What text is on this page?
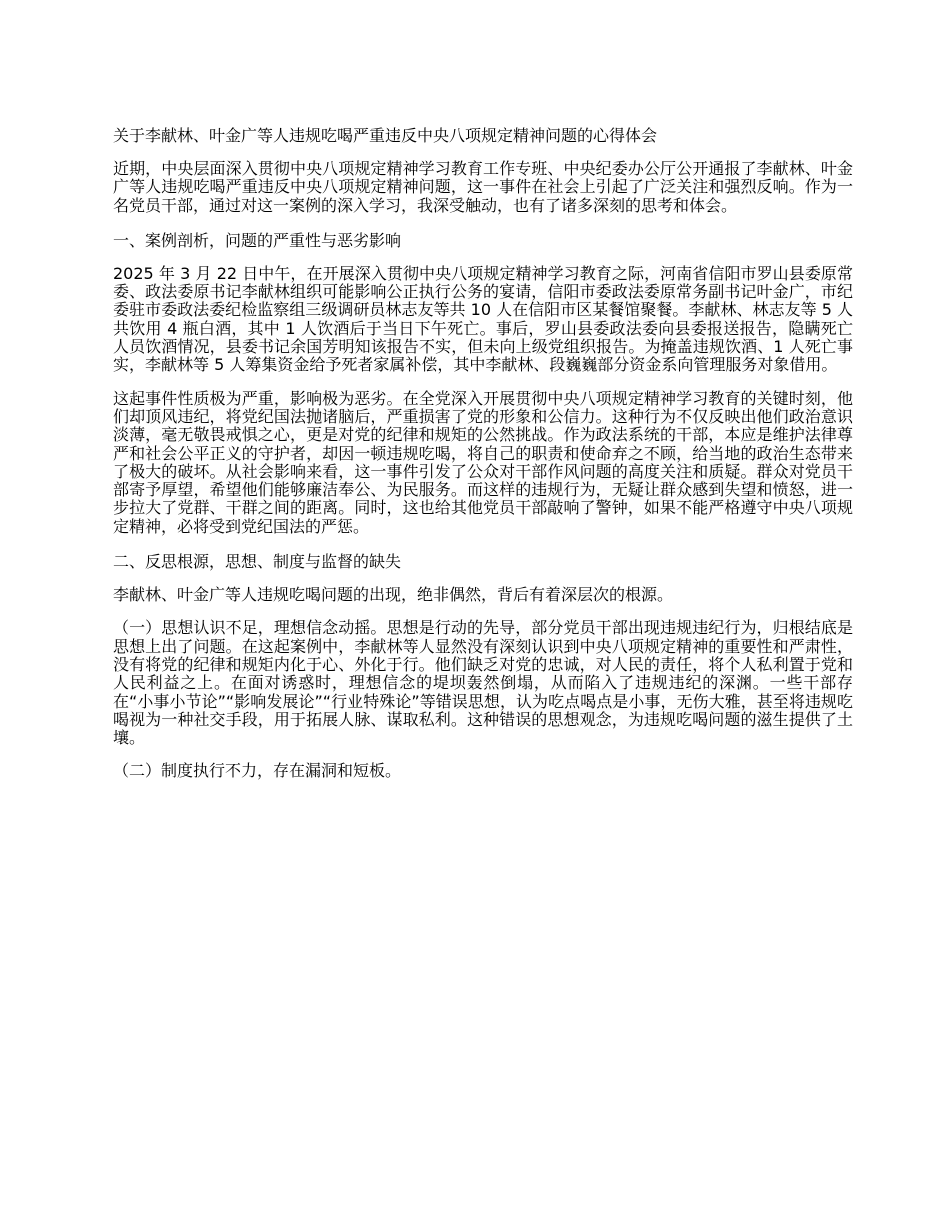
关于李献林、叶金广等人违规吃喝严重违反中央八项规定精神问题的心得体会

近期，中央层面深入贯彻中央八项规定精神学习教育工作专班、中央纪委办公厅公开通报了李献林、叶金广等人违规吃喝严重违反中央八项规定精神问题，这一事件在社会上引起了广泛关注和强烈反响。作为一名党员干部，通过对这一案例的深入学习，我深受触动，也有了诸多深刻的思考和体会。

一、案例剖析，问题的严重性与恶劣影响

2025 年 3 月 22 日中午，在开展深入贯彻中央八项规定精神学习教育之际，河南省信阳市罗山县委原常委、政法委原书记李献林组织可能影响公正执行公务的宴请，信阳市委政法委原常务副书记叶金广，市纪委驻市委政法委纪检监察组三级调研员林志友等共 10 人在信阳市区某餐馆聚餐。李献林、林志友等 5 人共饮用 4 瓶白酒，其中 1 人饮酒后于当日下午死亡。事后，罗山县委政法委向县委报送报告，隐瞒死亡人员饮酒情况，县委书记余国芳明知该报告不实，但未向上级党组织报告。为掩盖违规饮酒、1 人死亡事实，李献林等 5 人筹集资金给予死者家属补偿，其中李献林、段巍巍部分资金系向管理服务对象借用。

这起事件性质极为严重，影响极为恶劣。在全党深入开展贯彻中央八项规定精神学习教育的关键时刻，他们却顶风违纪，将党纪国法抛诸脑后，严重损害了党的形象和公信力。这种行为不仅反映出他们政治意识淡薄，毫无敬畏戒惧之心，更是对党的纪律和规矩的公然挑战。作为政法系统的干部，本应是维护法律尊严和社会公平正义的守护者，却因一顿违规吃喝，将自己的职责和使命弃之不顾，给当地的政治生态带来了极大的破坏。从社会影响来看，这一事件引发了公众对干部作风问题的高度关注和质疑。群众对党员干部寄予厚望，希望他们能够廉洁奉公、为民服务。而这样的违规行为，无疑让群众感到失望和愤怒，进一步拉大了党群、干群之间的距离。同时，这也给其他党员干部敲响了警钟，如果不能严格遵守中央八项规定精神，必将受到党纪国法的严惩。

二、反思根源，思想、制度与监督的缺失

李献林、叶金广等人违规吃喝问题的出现，绝非偶然，背后有着深层次的根源。

（一）思想认识不足，理想信念动摇。思想是行动的先导，部分党员干部出现违规违纪行为，归根结底是思想上出了问题。在这起案例中，李献林等人显然没有深刻认识到中央八项规定精神的重要性和严肃性，没有将党的纪律和规矩内化于心、外化于行。他们缺乏对党的忠诚，对人民的责任，将个人私利置于党和人民利益之上。在面对诱惑时，理想信念的堤坝轰然倒塌，从而陷入了违规违纪的深渊。一些干部存在“小事小节论”“影响发展论”“行业特殊论”等错误思想，认为吃点喝点是小事，无伤大雅，甚至将违规吃喝视为一种社交手段，用于拓展人脉、谋取私利。这种错误的思想观念，为违规吃喝问题的滋生提供了土壤。

（二）制度执行不力，存在漏洞和短板。
